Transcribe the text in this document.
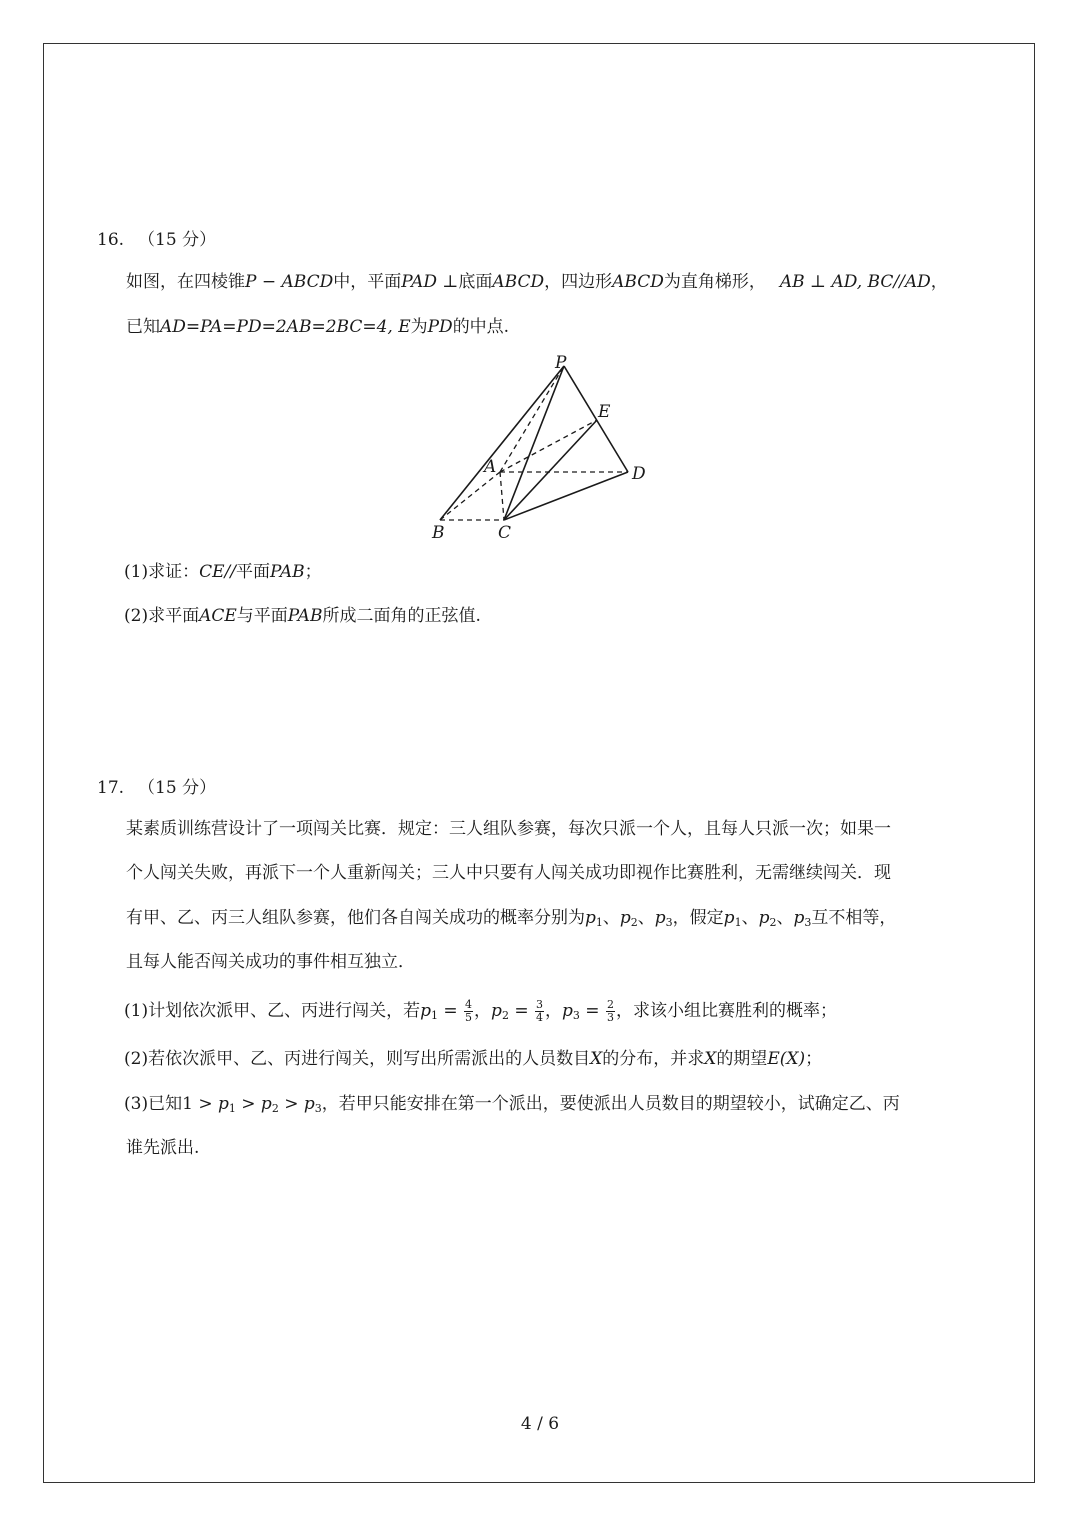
16. （15 分）
如图，在四棱锥P − ABCD中，平面PAD ⊥底面ABCD，四边形ABCD为直角梯形， AB ⊥ AD, BC//AD，
已知AD=PA=PD=2AB=2BC=4, E为PD的中点.
P
E
A	D
B	C
(1)求证：CE//平面PAB；
(2)求平面ACE与平面PAB所成二面角的正弦值.
17. （15 分）
某素质训练营设计了一项闯关比赛．规定：三人组队参赛，每次只派一个人，且每人只派一次；如果一
个人闯关失败，再派下一个人重新闯关；三人中只要有人闯关成功即视作比赛胜利，无需继续闯关．现
有甲、乙、丙三人组队参赛，他们各自闯关成功的概率分别为$p_1$、$p_2$、$p_3$，假定$p_1$、$p_2$、$p_3$互不相等，
且每人能否闯关成功的事件相互独立．
(1)计划依次派甲、乙、丙进行闯关，若$p_1 = \frac{4}{5}$ ，$p_2 = \frac{3}{4}$ ，$p_3 = \frac{2}{3}$ ，求该小组比赛胜利的概率；
(2)若依次派甲、乙、丙进行闯关，则写出所需派出的人员数目X的分布，并求X的期望E(X)；
(3)已知$1 > p_1 > p_2 > p_3$，若甲只能安排在第一个派出，要使派出人员数目的期望较小，试确定乙、丙
谁先派出.
4 / 6
